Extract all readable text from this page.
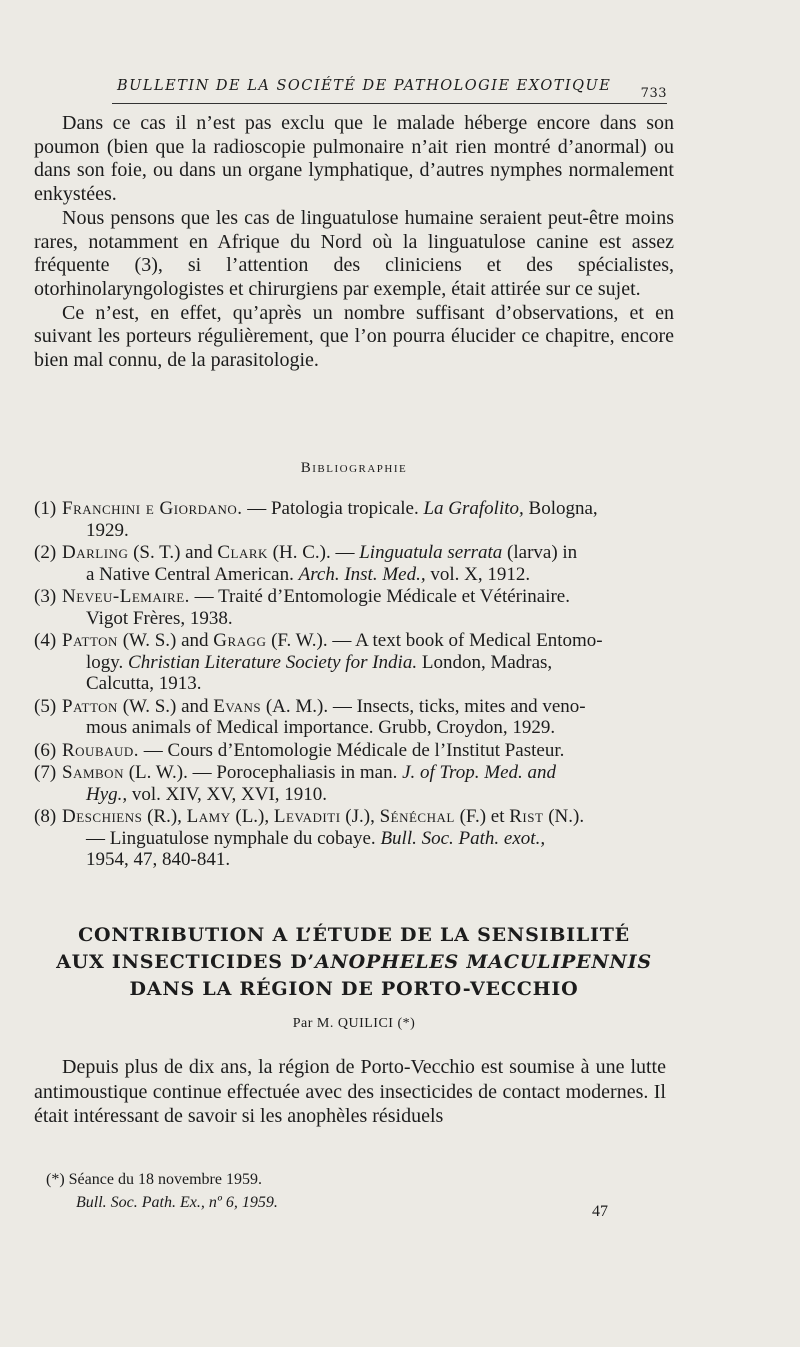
BULLETIN DE LA SOCIÉTÉ DE PATHOLOGIE EXOTIQUE 733

Dans ce cas il n’est pas exclu que le malade héberge encore dans son poumon (bien que la radioscopie pulmonaire n’ait rien montré d’anormal) ou dans son foie, ou dans un organe lymphatique, d’autres nymphes normalement enkystées.

Nous pensons que les cas de linguatulose humaine seraient peut-être moins rares, notamment en Afrique du Nord où la linguatulose canine est assez fréquente (3), si l’attention des cliniciens et des spécialistes, otorhinolaryngologistes et chirurgiens par exemple, était attirée sur ce sujet.

Ce n’est, en effet, qu’après un nombre suffisant d’observations, et en suivant les porteurs régulièrement, que l’on pourra élucider ce chapitre, encore bien mal connu, de la parasitologie.

Bibliographie
(1) Franchini e Giordano. — Patologia tropicale. La Grafolito, Bologna,
1929.
(2) Darling (S. T.) and Clark (H. C.). — Linguatula serrata (larva) in
a Native Central American. Arch. Inst. Med., vol. X, 1912.
(3) Neveu-Lemaire. — Traité d’Entomologie Médicale et Vétérinaire.
Vigot Frères, 1938.
(4) Patton (W. S.) and Gragg (F. W.). — A text book of Medical Entomo-
logy. Christian Literature Society for India. London, Madras,
Calcutta, 1913.
(5) Patton (W. S.) and Evans (A. M.). — Insects, ticks, mites and veno-
mous animals of Medical importance. Grubb, Croydon, 1929.
(6) Roubaud. — Cours d’Entomologie Médicale de l’Institut Pasteur.
(7) Sambon (L. W.). — Porocephaliasis in man. J. of Trop. Med. and
Hyg., vol. XIV, XV, XVI, 1910.
(8) Deschiens (R.), Lamy (L.), Levaditi (J.), Sénéchal (F.) et Rist (N.).
— Linguatulose nymphale du cobaye. Bull. Soc. Path. exot.,
1954, 47, 840-841.
CONTRIBUTION A L’ÉTUDE DE LA SENSIBILITÉ
AUX INSECTICIDES D’ANOPHELES MACULIPENNIS
DANS LA RÉGION DE PORTO-VECCHIO
Par M. QUILICI (*)

Depuis plus de dix ans, la région de Porto-Vecchio est soumise à une lutte antimoustique continue effectuée avec des insecticides de contact modernes. Il était intéressant de savoir si les anophèles résiduels

(*) Séance du 18 novembre 1959.
Bull. Soc. Path. Ex., nº 6, 1959.
47
